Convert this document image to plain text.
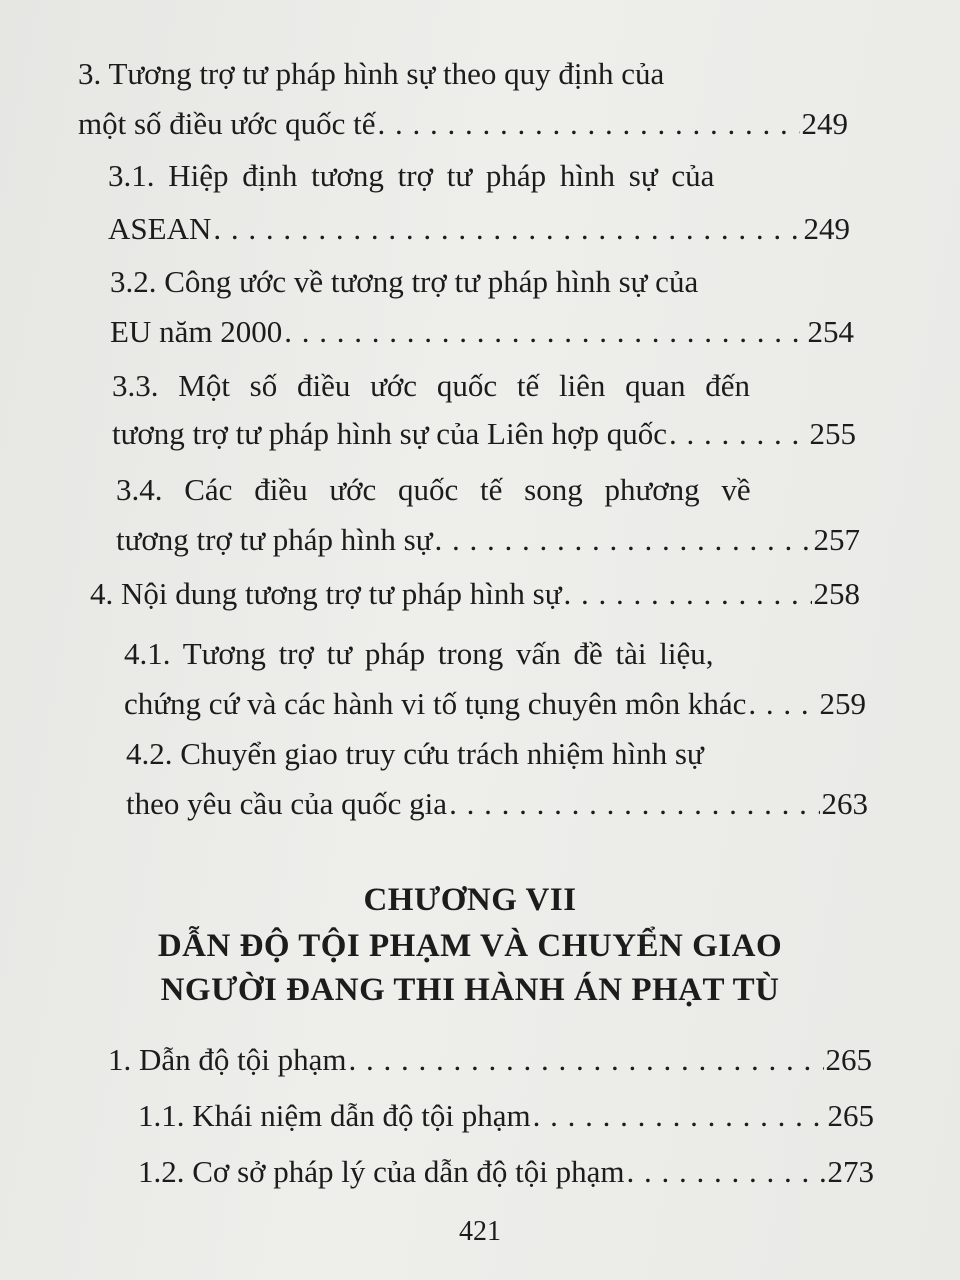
3. Tương trợ tư pháp hình sự theo quy định của
một số điều ước quốc tế . . .	249
3.1. Hiệp định tương trợ tư pháp hình sự của
ASEAN . . .	249
3.2. Công ước về tương trợ tư pháp hình sự của
EU năm 2000 . . .	254
3.3. Một số điều ước quốc tế liên quan đến
tương trợ tư pháp hình sự của Liên hợp quốc . . .	255
3.4. Các điều ước quốc tế song phương về
tương trợ tư pháp hình sự . . .	257
4. Nội dung tương trợ tư pháp hình sự . . .	258
4.1. Tương trợ tư pháp trong vấn đề tài liệu,
chứng cứ và các hành vi tố tụng chuyên môn khác . . . 259
4.2. Chuyển giao truy cứu trách nhiệm hình sự
theo yêu cầu của quốc gia . . .	263
CHƯƠNG VII
DẪN ĐỘ TỘI PHẠM VÀ CHUYỂN GIAO
NGƯỜI ĐANG THI HÀNH ÁN PHẠT TÙ
1. Dẫn độ tội phạm . . .	265
1.1. Khái niệm dẫn độ tội phạm . . .	265
1.2. Cơ sở pháp lý của dẫn độ tội phạm . . .	273
421
